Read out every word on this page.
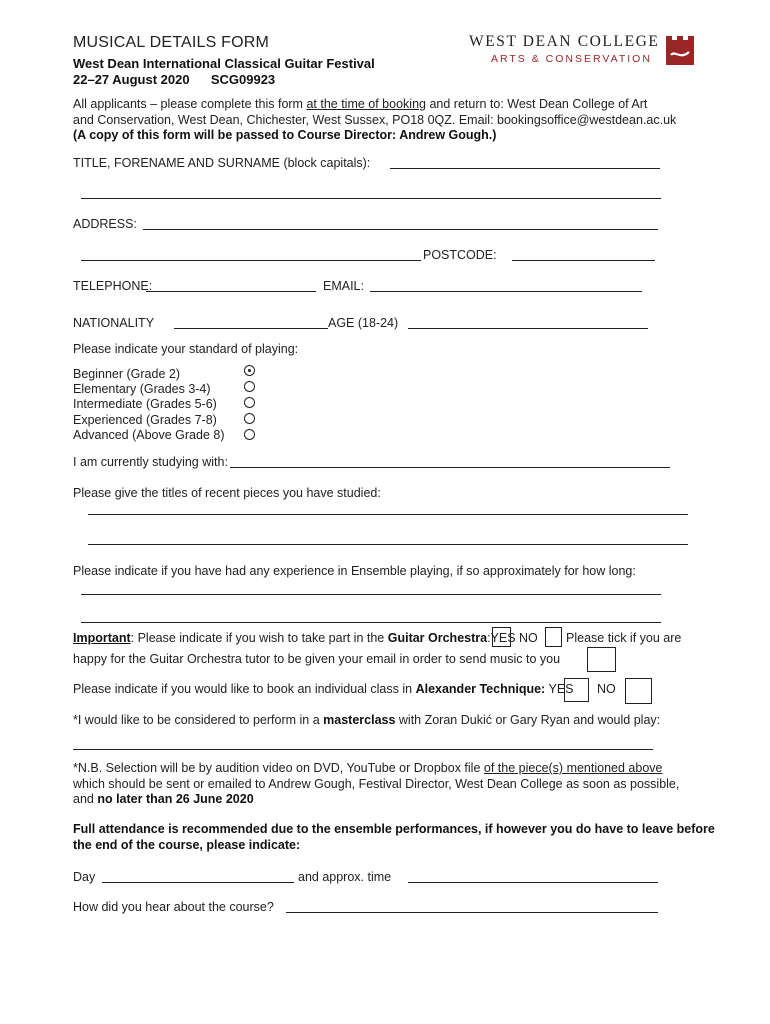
MUSICAL DETAILS FORM
West Dean International Classical Guitar Festival
22–27 August 2020 SCG09923
WEST DEAN COLLEGE
ARTS & CONSERVATION
All applicants – please complete this form at the time of booking and return to: West Dean College of Art
and Conservation, West Dean, Chichester, West Sussex, PO18 0QZ. Email: bookingsoffice@westdean.ac.uk
(A copy of this form will be passed to Course Director: Andrew Gough.)
TITLE, FORENAME AND SURNAME (block capitals):
ADDRESS:
POSTCODE:
TELEPHONE:	EMAIL:
NATIONALITY	AGE (18-24)
Please indicate your standard of playing:
Beginner (Grade 2)
Elementary (Grades 3-4)
Intermediate (Grades 5-6)
Experienced (Grades 7-8)
Advanced (Above Grade 8)
I am currently studying with:
Please give the titles of recent pieces you have studied:
Please indicate if you have had any experience in Ensemble playing, if so approximately for how long:
Important: Please indicate if you wish to take part in the Guitar Orchestra:YES NO Please tick if you are
happy for the Guitar Orchestra tutor to be given your email in order to send music to you
Please indicate if you would like to book an individual class in Alexander Technique: YES NO
*I would like to be considered to perform in a masterclass with Zoran Dukić or Gary Ryan and would play:
*N.B. Selection will be by audition video on DVD, YouTube or Dropbox file of the piece(s) mentioned above
which should be sent or emailed to Andrew Gough, Festival Director, West Dean College as soon as possible,
and no later than 26 June 2020
Full attendance is recommended due to the ensemble performances, if however you do have to leave before
the end of the course, please indicate:
Day	and approx. time
How did you hear about the course?
